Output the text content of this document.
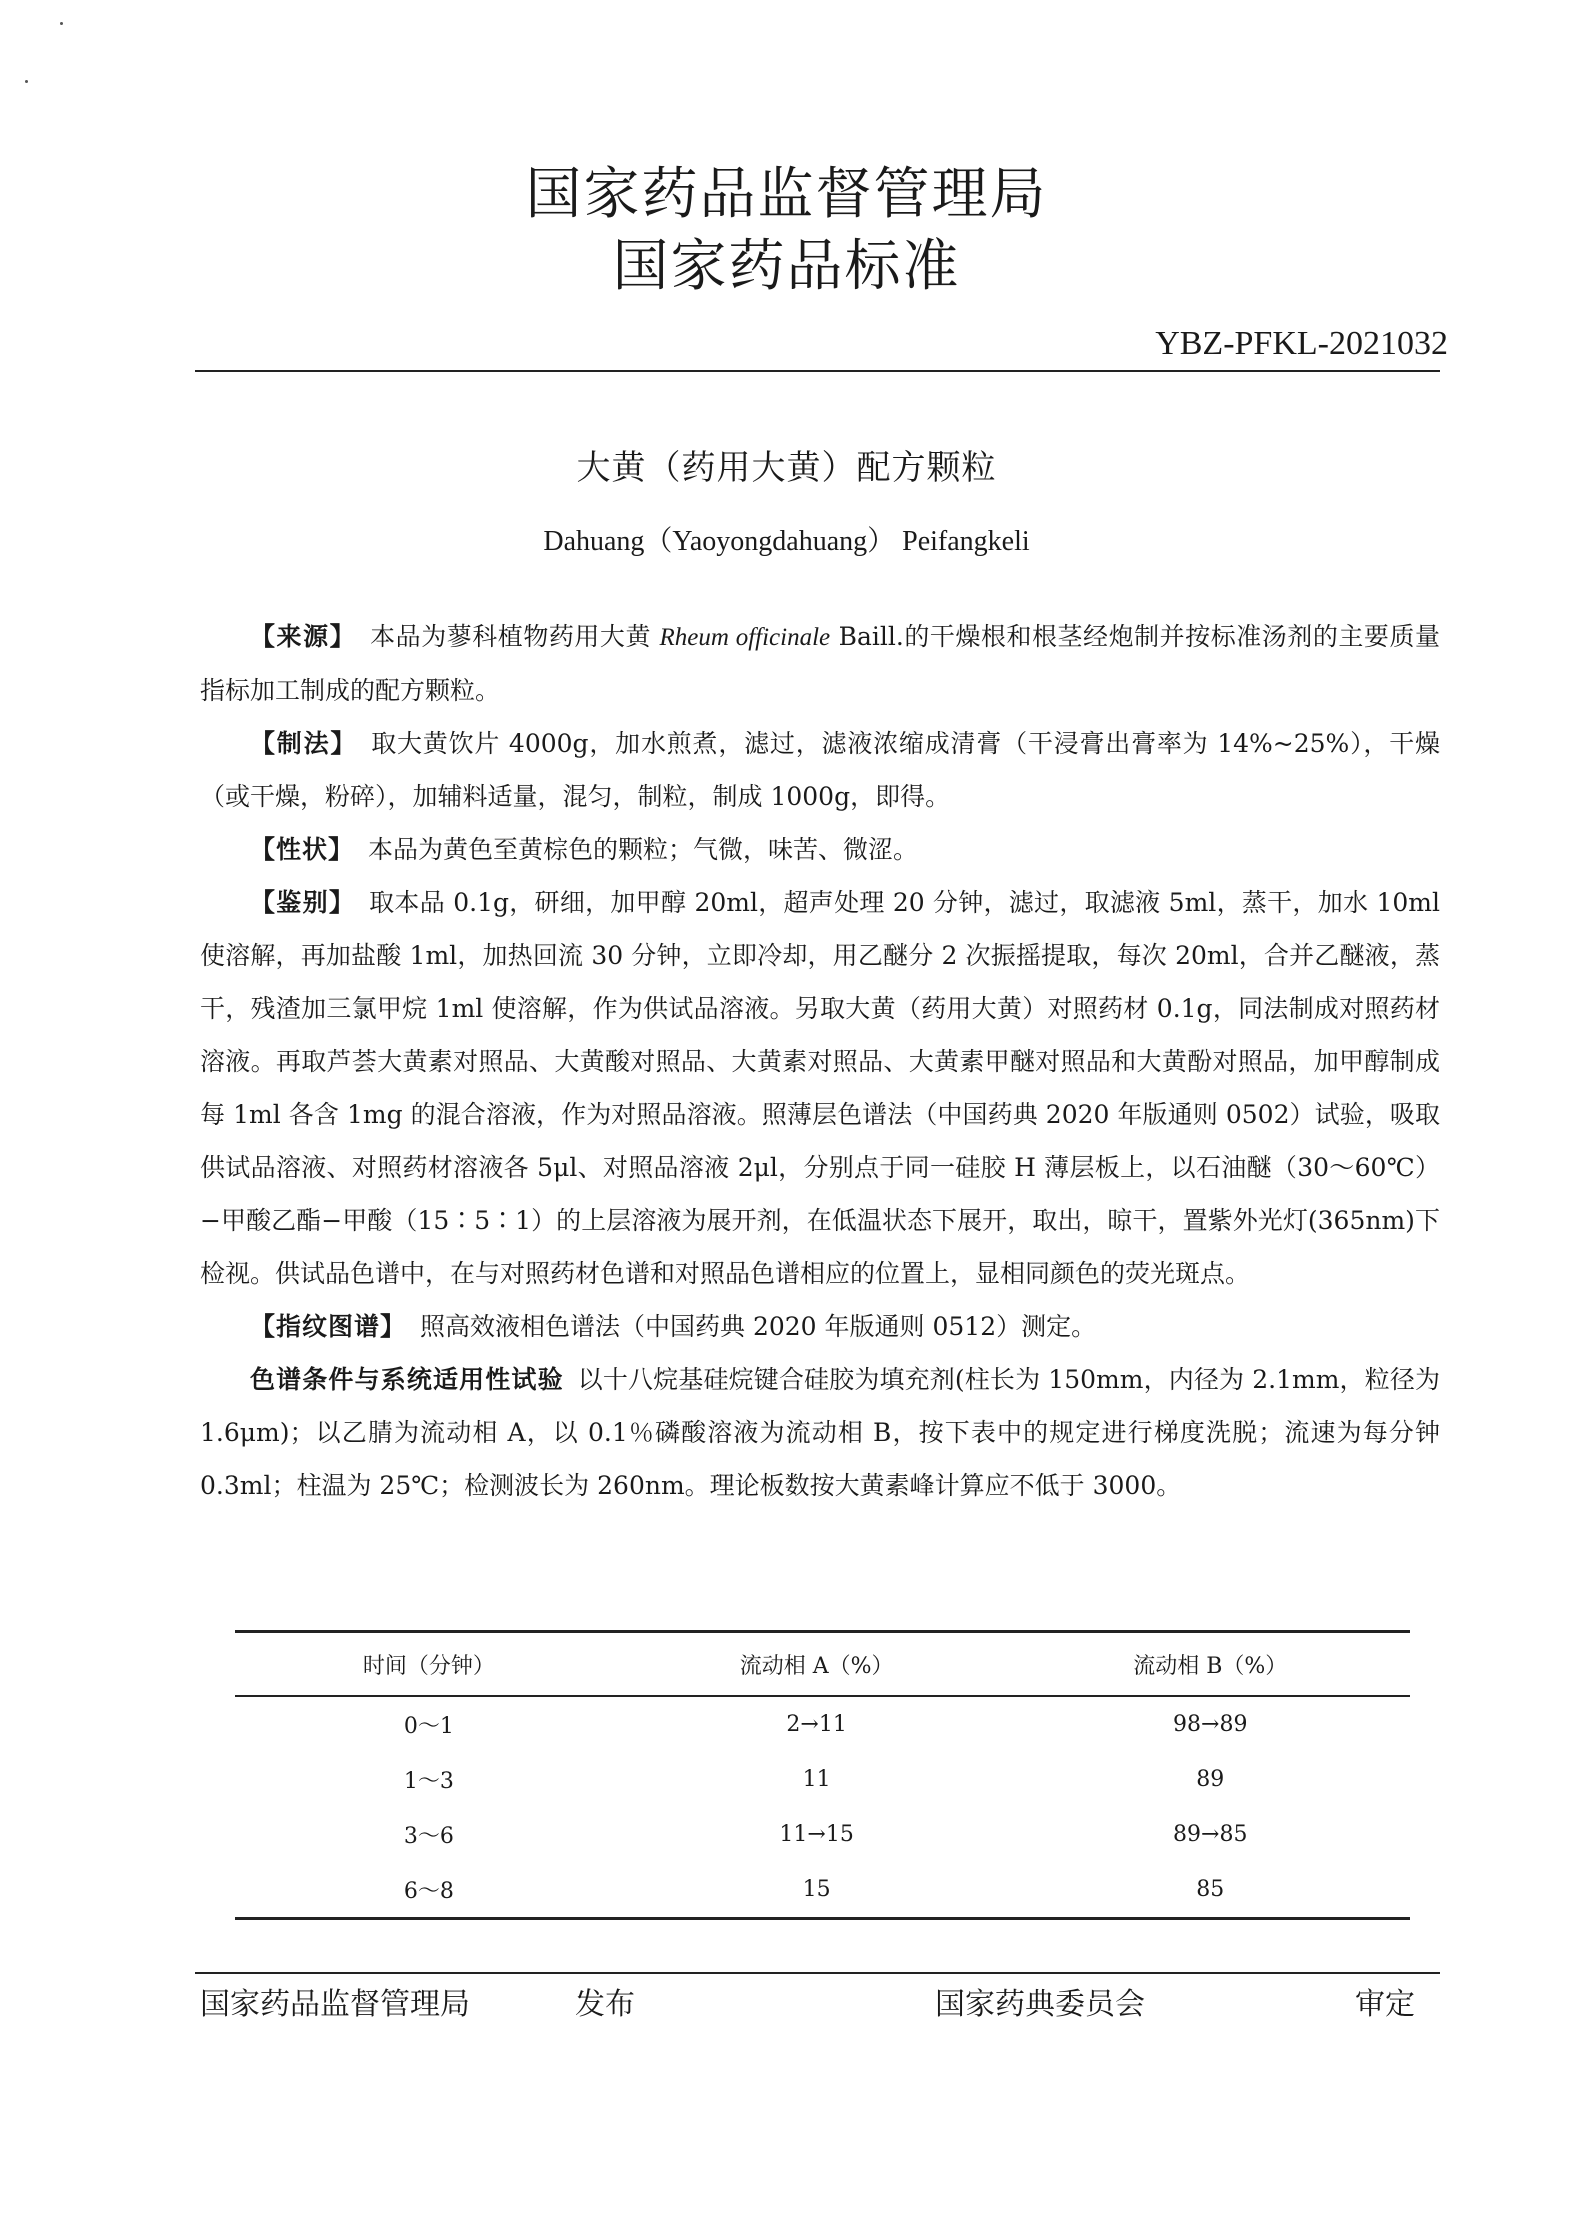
国家药品监督管理局
国家药品标准
YBZ-PFKL-2021032
大黄（药用大黄）配方颗粒
Dahuang（Yaoyongdahuang） Peifangkeli

【来源】 本品为蓼科植物药用大黄 Rheum officinale Baill.的干燥根和根茎经炮制并按标准汤剂的主要质量指标加工制成的配方颗粒。

【制法】 取大黄饮片 4000g，加水煎煮，滤过，滤液浓缩成清膏（干浸膏出膏率为 14%~25%），干燥（或干燥，粉碎），加辅料适量，混匀，制粒，制成 1000g，即得。

【性状】 本品为黄色至黄棕色的颗粒；气微，味苦、微涩。

【鉴别】 取本品 0.1g，研细，加甲醇 20ml，超声处理 20 分钟，滤过，取滤液 5ml，蒸干，加水 10ml 使溶解，再加盐酸 1ml，加热回流 30 分钟，立即冷却，用乙醚分 2 次振摇提取，每次 20ml，合并乙醚液，蒸干，残渣加三氯甲烷 1ml 使溶解，作为供试品溶液。另取大黄（药用大黄）对照药材 0.1g，同法制成对照药材溶液。再取芦荟大黄素对照品、大黄酸对照品、大黄素对照品、大黄素甲醚对照品和大黄酚对照品，加甲醇制成每 1ml 各含 1mg 的混合溶液，作为对照品溶液。照薄层色谱法（中国药典 2020 年版通则 0502）试验，吸取供试品溶液、对照药材溶液各 5μl、对照品溶液 2μl，分别点于同一硅胶 H 薄层板上，以石油醚（30～60℃）−甲酸乙酯−甲酸（15∶5∶1）的上层溶液为展开剂，在低温状态下展开，取出，晾干，置紫外光灯(365nm)下检视。供试品色谱中，在与对照药材色谱和对照品色谱相应的位置上，显相同颜色的荧光斑点。

【指纹图谱】 照高效液相色谱法（中国药典 2020 年版通则 0512）测定。

色谱条件与系统适用性试验 以十八烷基硅烷键合硅胶为填充剂(柱长为 150mm，内径为 2.1mm，粒径为 1.6μm)；以乙腈为流动相 A，以 0.1％磷酸溶液为流动相 B，按下表中的规定进行梯度洗脱；流速为每分钟 0.3ml；柱温为 25℃；检测波长为 260nm。理论板数按大黄素峰计算应不低于 3000。

时间（分钟）	流动相 A（%）	流动相 B（%）
0～1	2→11	98→89
1～3	11	89
3～6	11→15	89→85
6～8	15	85
国家药品监督管理局	发布	国家药典委员会	审定
